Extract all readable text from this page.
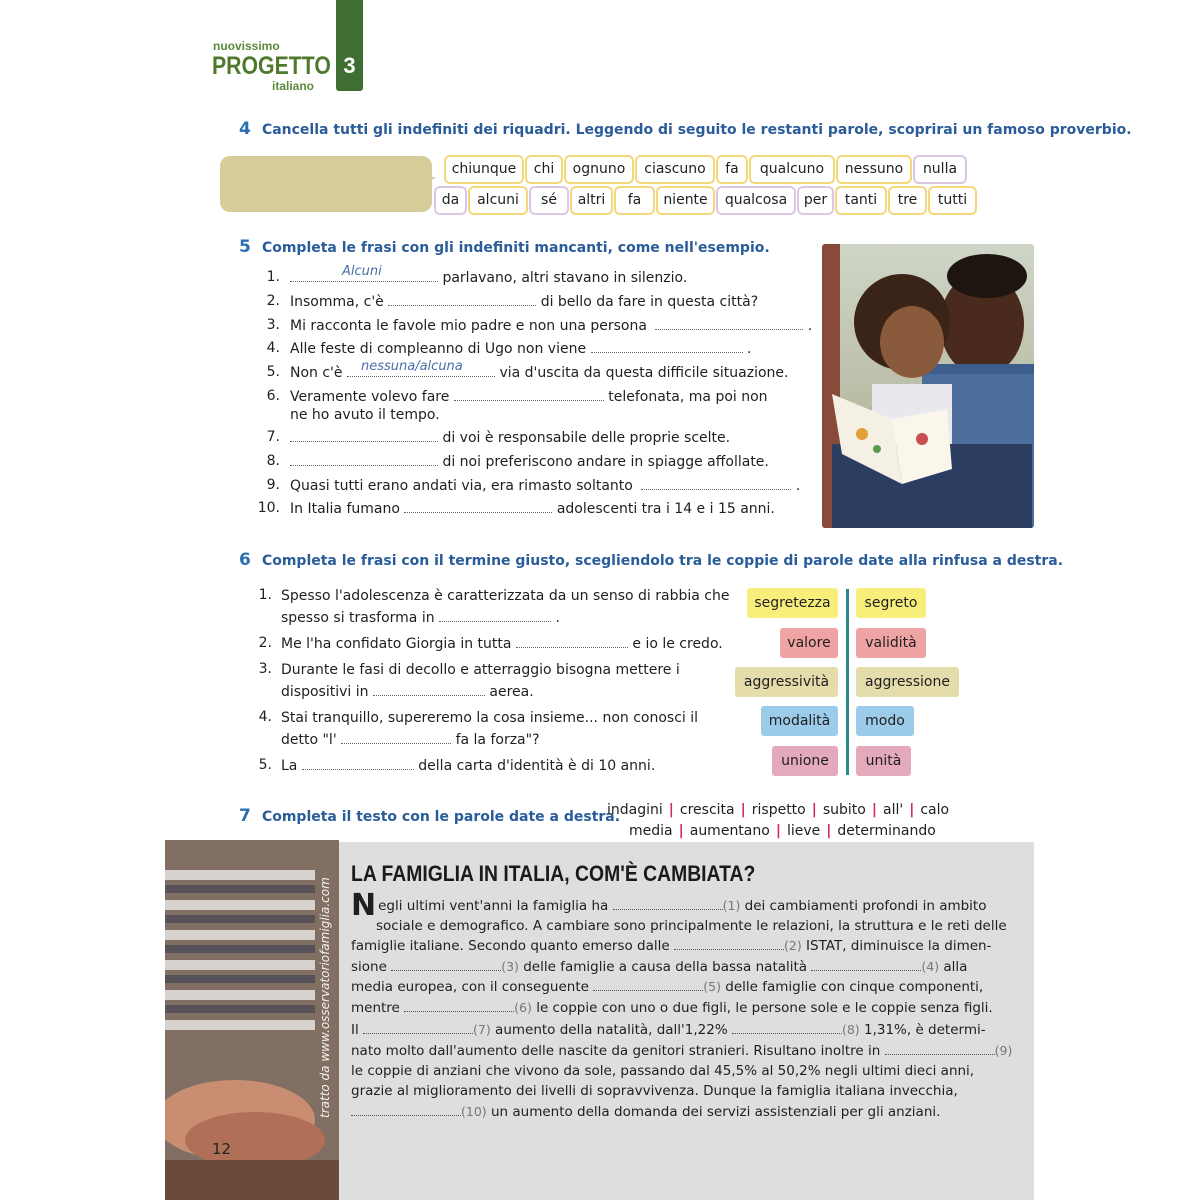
nuovissimo
PROGETTO
italiano
3
4 Cancella tutti gli indefiniti dei riquadri. Leggendo di seguito le restanti parole, scoprirai un famoso proverbio.
chiunque	chi	ognuno	ciascuno	fa	qualcuno	nessuno	nulla
da	alcuni	sé	altri	fa	niente	qualcosa	per	tanti	tre	tutti
5 Completa le frasi con gli indefiniti mancanti, come nell'esempio.
1.	Alcuni	parlavano, altri stavano in silenzio.
2. Insomma, c'è	di bello da fare in questa città?
3. Mi racconta le favole mio padre e non una persona	.
4. Alle feste di compleanno di Ugo non viene	.
5. Non c'è nessuna/alcuna	via d'uscita da questa difficile situazione.
6. Veramente volevo fare	telefonata, ma poi non
ne ho avuto il tempo.
7.	di voi è responsabile delle proprie scelte.
8.	di noi preferiscono andare in spiagge affollate.
9. Quasi tutti erano andati via, era rimasto soltanto	.
10. In Italia fumano	adolescenti tra i 14 e i 15 anni.
6 Completa le frasi con il termine giusto, scegliendolo tra le coppie di parole date alla rinfusa a destra.
1. Spesso l'adolescenza è caratterizzata da un senso di rabbia che
spesso si trasforma in	.
2. Me l'ha confidato Giorgia in tutta	e io le credo.
3. Durante le fasi di decollo e atterraggio bisogna mettere i
dispositivi in	aerea.
4. Stai tranquillo, supereremo la cosa insieme... non conosci il
detto "l'	fa la forza"?
5. La	della carta d'identità è di 10 anni.
segretezza	segreto
valore	validità
aggressività	aggressione
modalità	modo
unione	unità
7 Completa il testo con le parole date a destra.
indagini | crescita | rispetto | subito | all' | calo
media | aumentano | lieve | determinando
tratto da www.osservatoriofamiglia.com
12
LA FAMIGLIA IN ITALIA, COM'È CAMBIATA?
Negli ultimi vent'anni la famiglia ha	(1) dei cambiamenti profondi in ambito
sociale e demografico. A cambiare sono principalmente le relazioni, la struttura e le reti delle
famiglie italiane. Secondo quanto emerso dalle	(2) ISTAT, diminuisce la dimen-
sione	(3) delle famiglie a causa della bassa natalità	(4) alla
media europea, con il conseguente	(5) delle famiglie con cinque componenti,
mentre	(6) le coppie con uno o due figli, le persone sole e le coppie senza figli.
Il	(7) aumento della natalità, dall'1,22%	(8) 1,31%, è determi-
nato molto dall'aumento delle nascite da genitori stranieri. Risultano inoltre in	(9)
le coppie di anziani che vivono da sole, passando dal 45,5% al 50,2% negli ultimi dieci anni,
grazie al miglioramento dei livelli di sopravvivenza. Dunque la famiglia italiana invecchia,
(10) un aumento della domanda dei servizi assistenziali per gli anziani.
